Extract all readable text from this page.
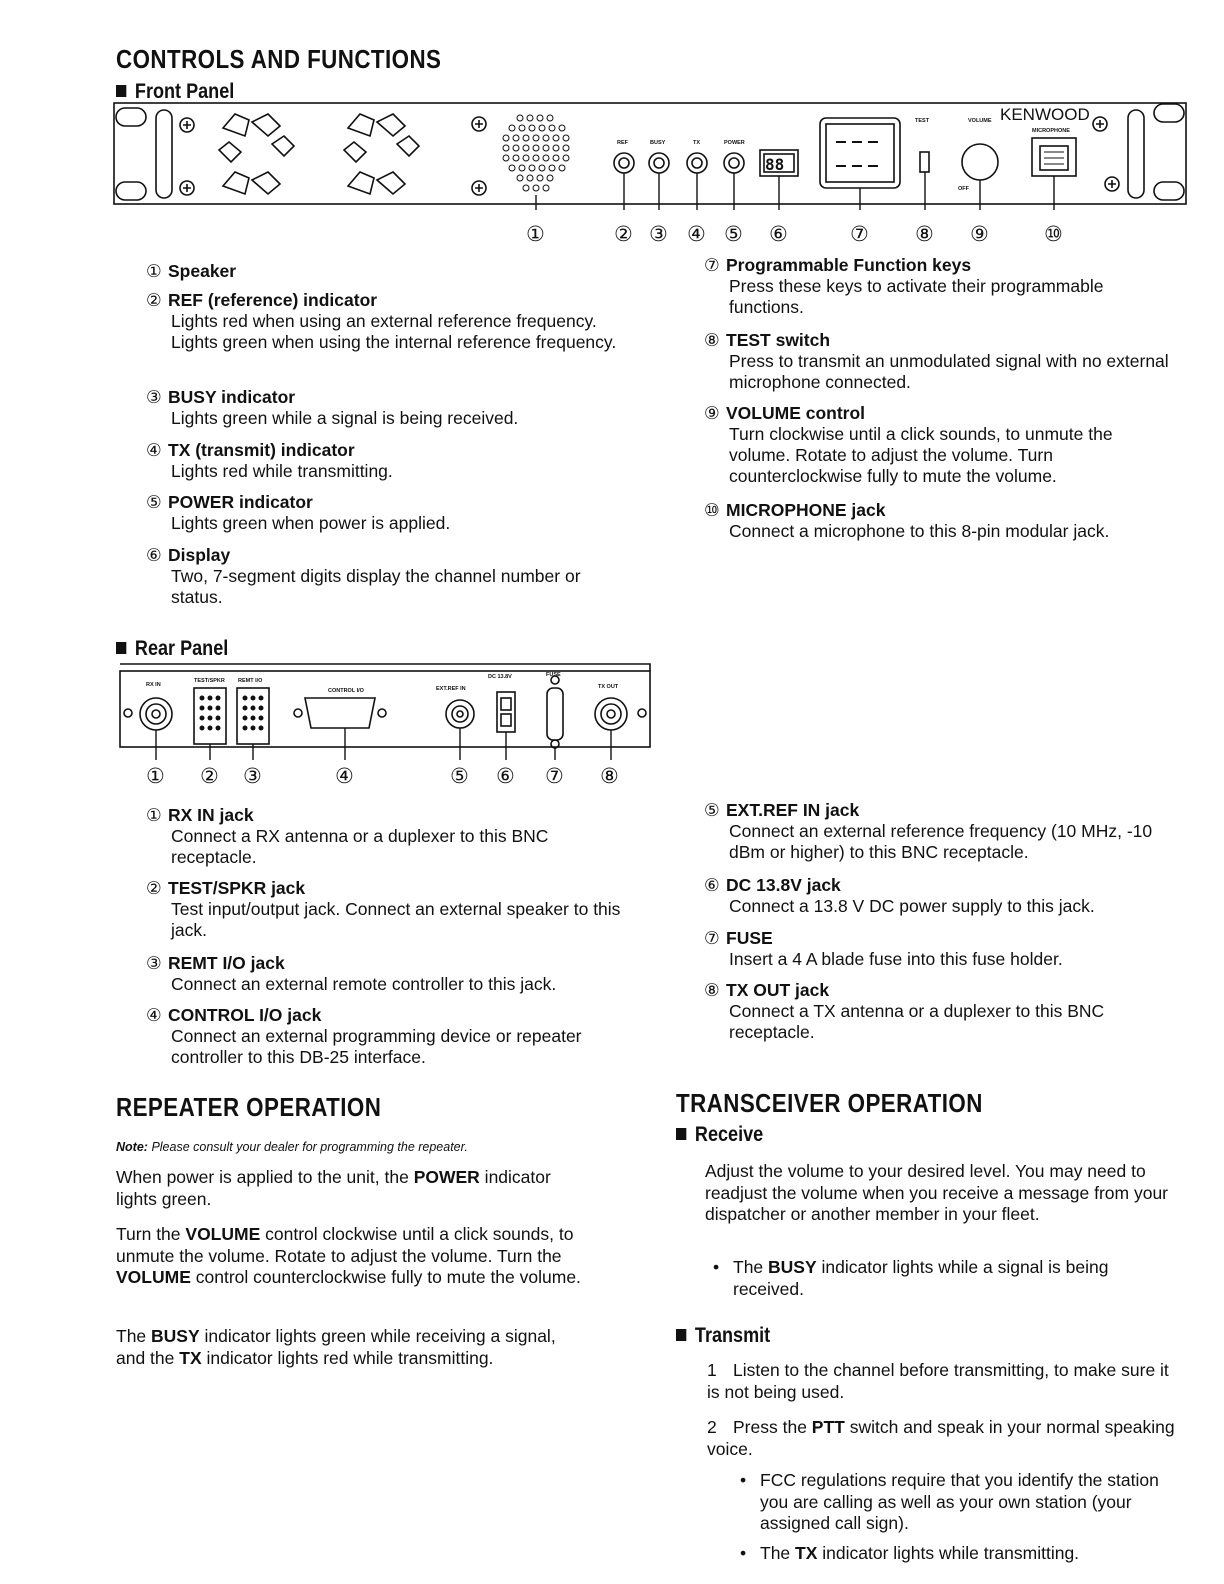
CONTROLS AND FUNCTIONS
Front Panel
REF	BUSY	TX	POWER
TEST	VOLUME
MICROPHONE
OFF
88
KENWOOD
①	② ③ ④ ⑤ ⑥	⑦ ⑧ ⑨	⑩
① Speaker
② REF (reference) indicator
Lights red when using an external reference frequency. Lights green when using the internal reference frequency.
③ BUSY indicator
Lights green while a signal is being received.
④ TX (transmit) indicator
Lights red while transmitting.
⑤ POWER indicator
Lights green when power is applied.
⑥ Display
Two, 7-segment digits display the channel number or status.
⑦ Programmable Function keys
Press these keys to activate their programmable functions.
⑧ TEST switch
Press to transmit an unmodulated signal with no external microphone connected.
⑨ VOLUME control
Turn clockwise until a click sounds, to unmute the volume. Rotate to adjust the volume. Turn counterclockwise fully to mute the volume.
⑩ MICROPHONE jack
Connect a microphone to this 8-pin modular jack.
Rear Panel
RX IN
TEST/SPKR REMT I/O
CONTROL I/O	EXT.REF IN
DC 13.8V	FUSE
TX OUT
① ② ③	④	⑤ ⑥ ⑦ ⑧
① RX IN jack
Connect a RX antenna or a duplexer to this BNC receptacle.
② TEST/SPKR jack
Test input/output jack. Connect an external speaker to this jack.
③ REMT I/O jack
Connect an external remote controller to this jack.
④ CONTROL I/O jack
Connect an external programming device or repeater controller to this DB-25 interface.
⑤ EXT.REF IN jack
Connect an external reference frequency (10 MHz, -10 dBm or higher) to this BNC receptacle.
⑥ DC 13.8V jack
Connect a 13.8 V DC power supply to this jack.
⑦ FUSE
Insert a 4 A blade fuse into this fuse holder.
⑧ TX OUT jack
Connect a TX antenna or a duplexer to this BNC receptacle.
REPEATER OPERATION
Note: Please consult your dealer for programming the repeater.
When power is applied to the unit, the POWER indicator lights green.
Turn the VOLUME control clockwise until a click sounds, to unmute the volume. Rotate to adjust the volume. Turn the VOLUME control counterclockwise fully to mute the volume.
The BUSY indicator lights green while receiving a signal, and the TX indicator lights red while transmitting.
TRANSCEIVER OPERATION
Receive
Adjust the volume to your desired level. You may need to readjust the volume when you receive a message from your dispatcher or another member in your fleet.
• The BUSY indicator lights while a signal is being received.
Transmit
1 Listen to the channel before transmitting, to make sure it is not being used.
2 Press the PTT switch and speak in your normal speaking voice.
• FCC regulations require that you identify the station you are calling as well as your own station (your assigned call sign).
• The TX indicator lights while transmitting.
